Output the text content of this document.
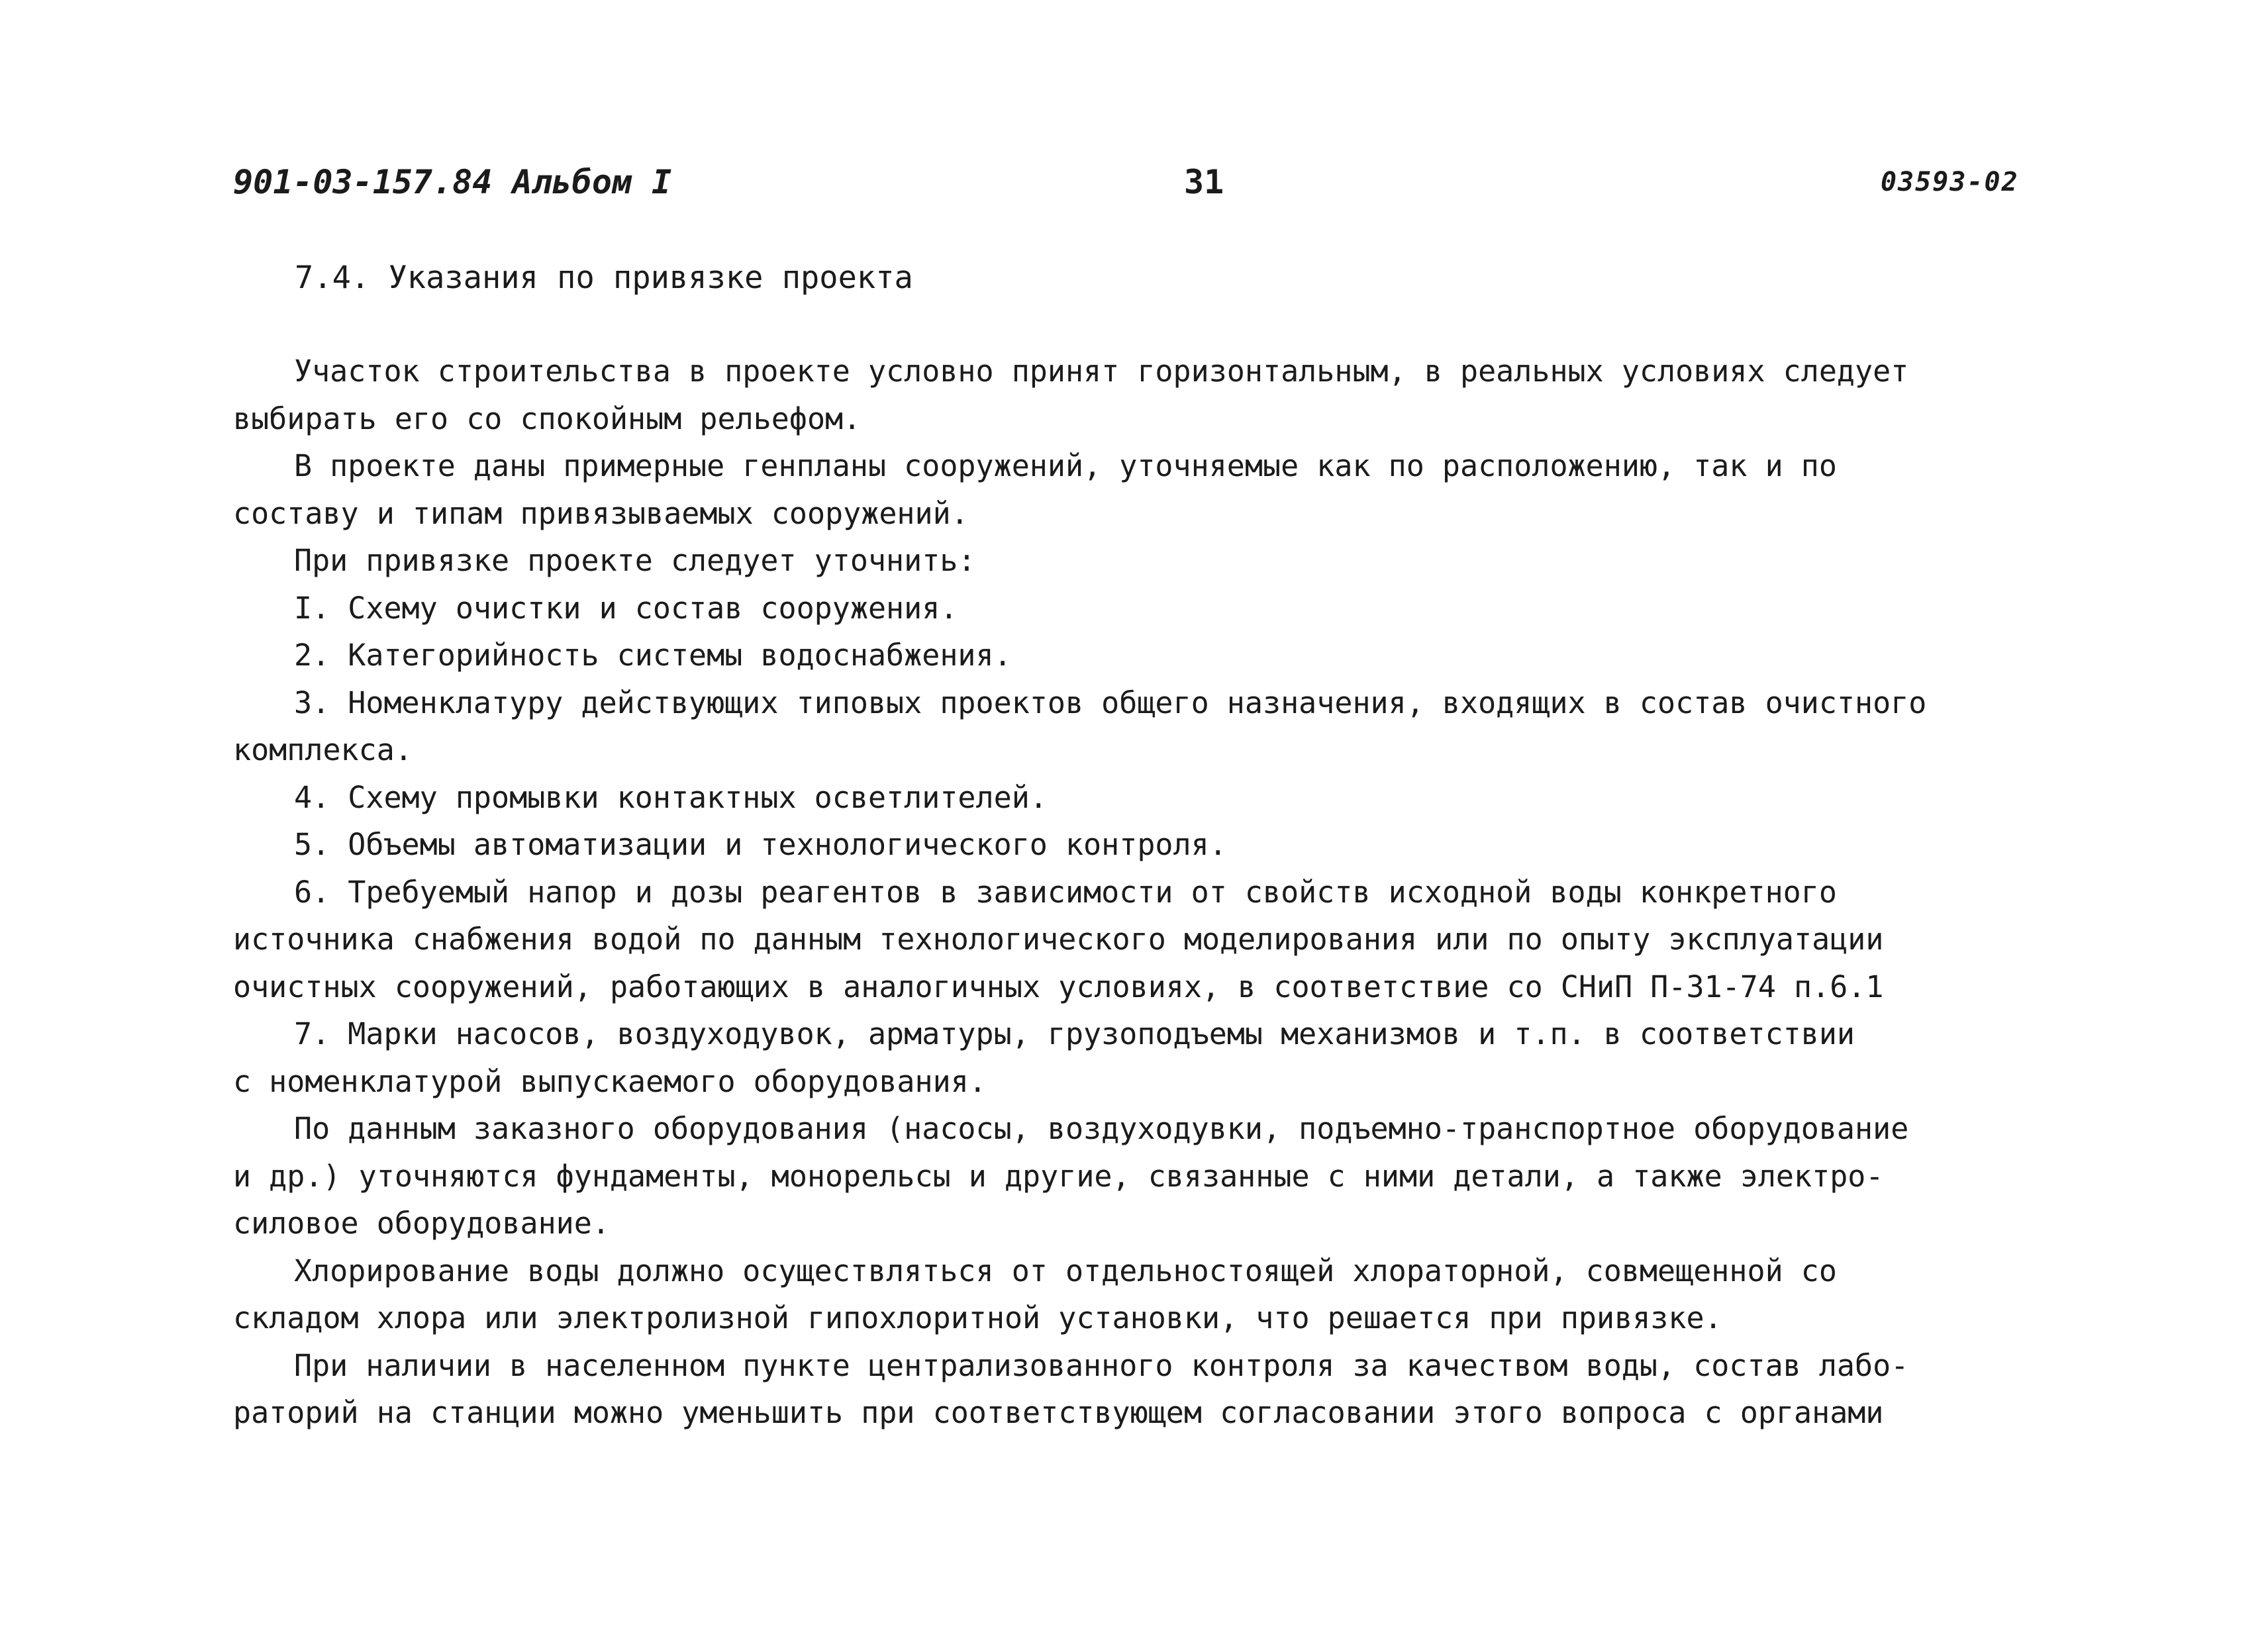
901-03-157.84 Альбом I	31	03593-02
7.4. Указания по привязке проекта
Участок строительства в проекте условно принят горизонтальным, в реальных условиях следует
выбирать его со спокойным рельефом.
В проекте даны примерные генпланы сооружений, уточняемые как по расположению, так и по
составу и типам привязываемых сооружений.
При привязке проекте следует уточнить:
I. Схему очистки и состав сооружения.
2. Категорийность системы водоснабжения.
3. Номенклатуру действующих типовых проектов общего назначения, входящих в состав очистного
комплекса.
4. Схему промывки контактных осветлителей.
5. Объемы автоматизации и технологического контроля.
6. Требуемый напор и дозы реагентов в зависимости от свойств исходной воды конкретного
источника снабжения водой по данным технологического моделирования или по опыту эксплуатации
очистных сооружений, работающих в аналогичных условиях, в соответствие со СНиП П-31-74 п.6.1
7. Марки насосов, воздуходувок, арматуры, грузоподъемы механизмов и т.п. в соответствии
с номенклатурой выпускаемого оборудования.
По данным заказного оборудования (насосы, воздуходувки, подъемно-транспортное оборудование
и др.) уточняются фундаменты, монорельсы и другие, связанные с ними детали, а также электро-
силовое оборудование.
Хлорирование воды должно осуществляться от отдельностоящей хлораторной, совмещенной со
складом хлора или электролизной гипохлоритной установки, что решается при привязке.
При наличии в населенном пункте централизованного контроля за качеством воды, состав лабо-
раторий на станции можно уменьшить при соответствующем согласовании этого вопроса с органами
